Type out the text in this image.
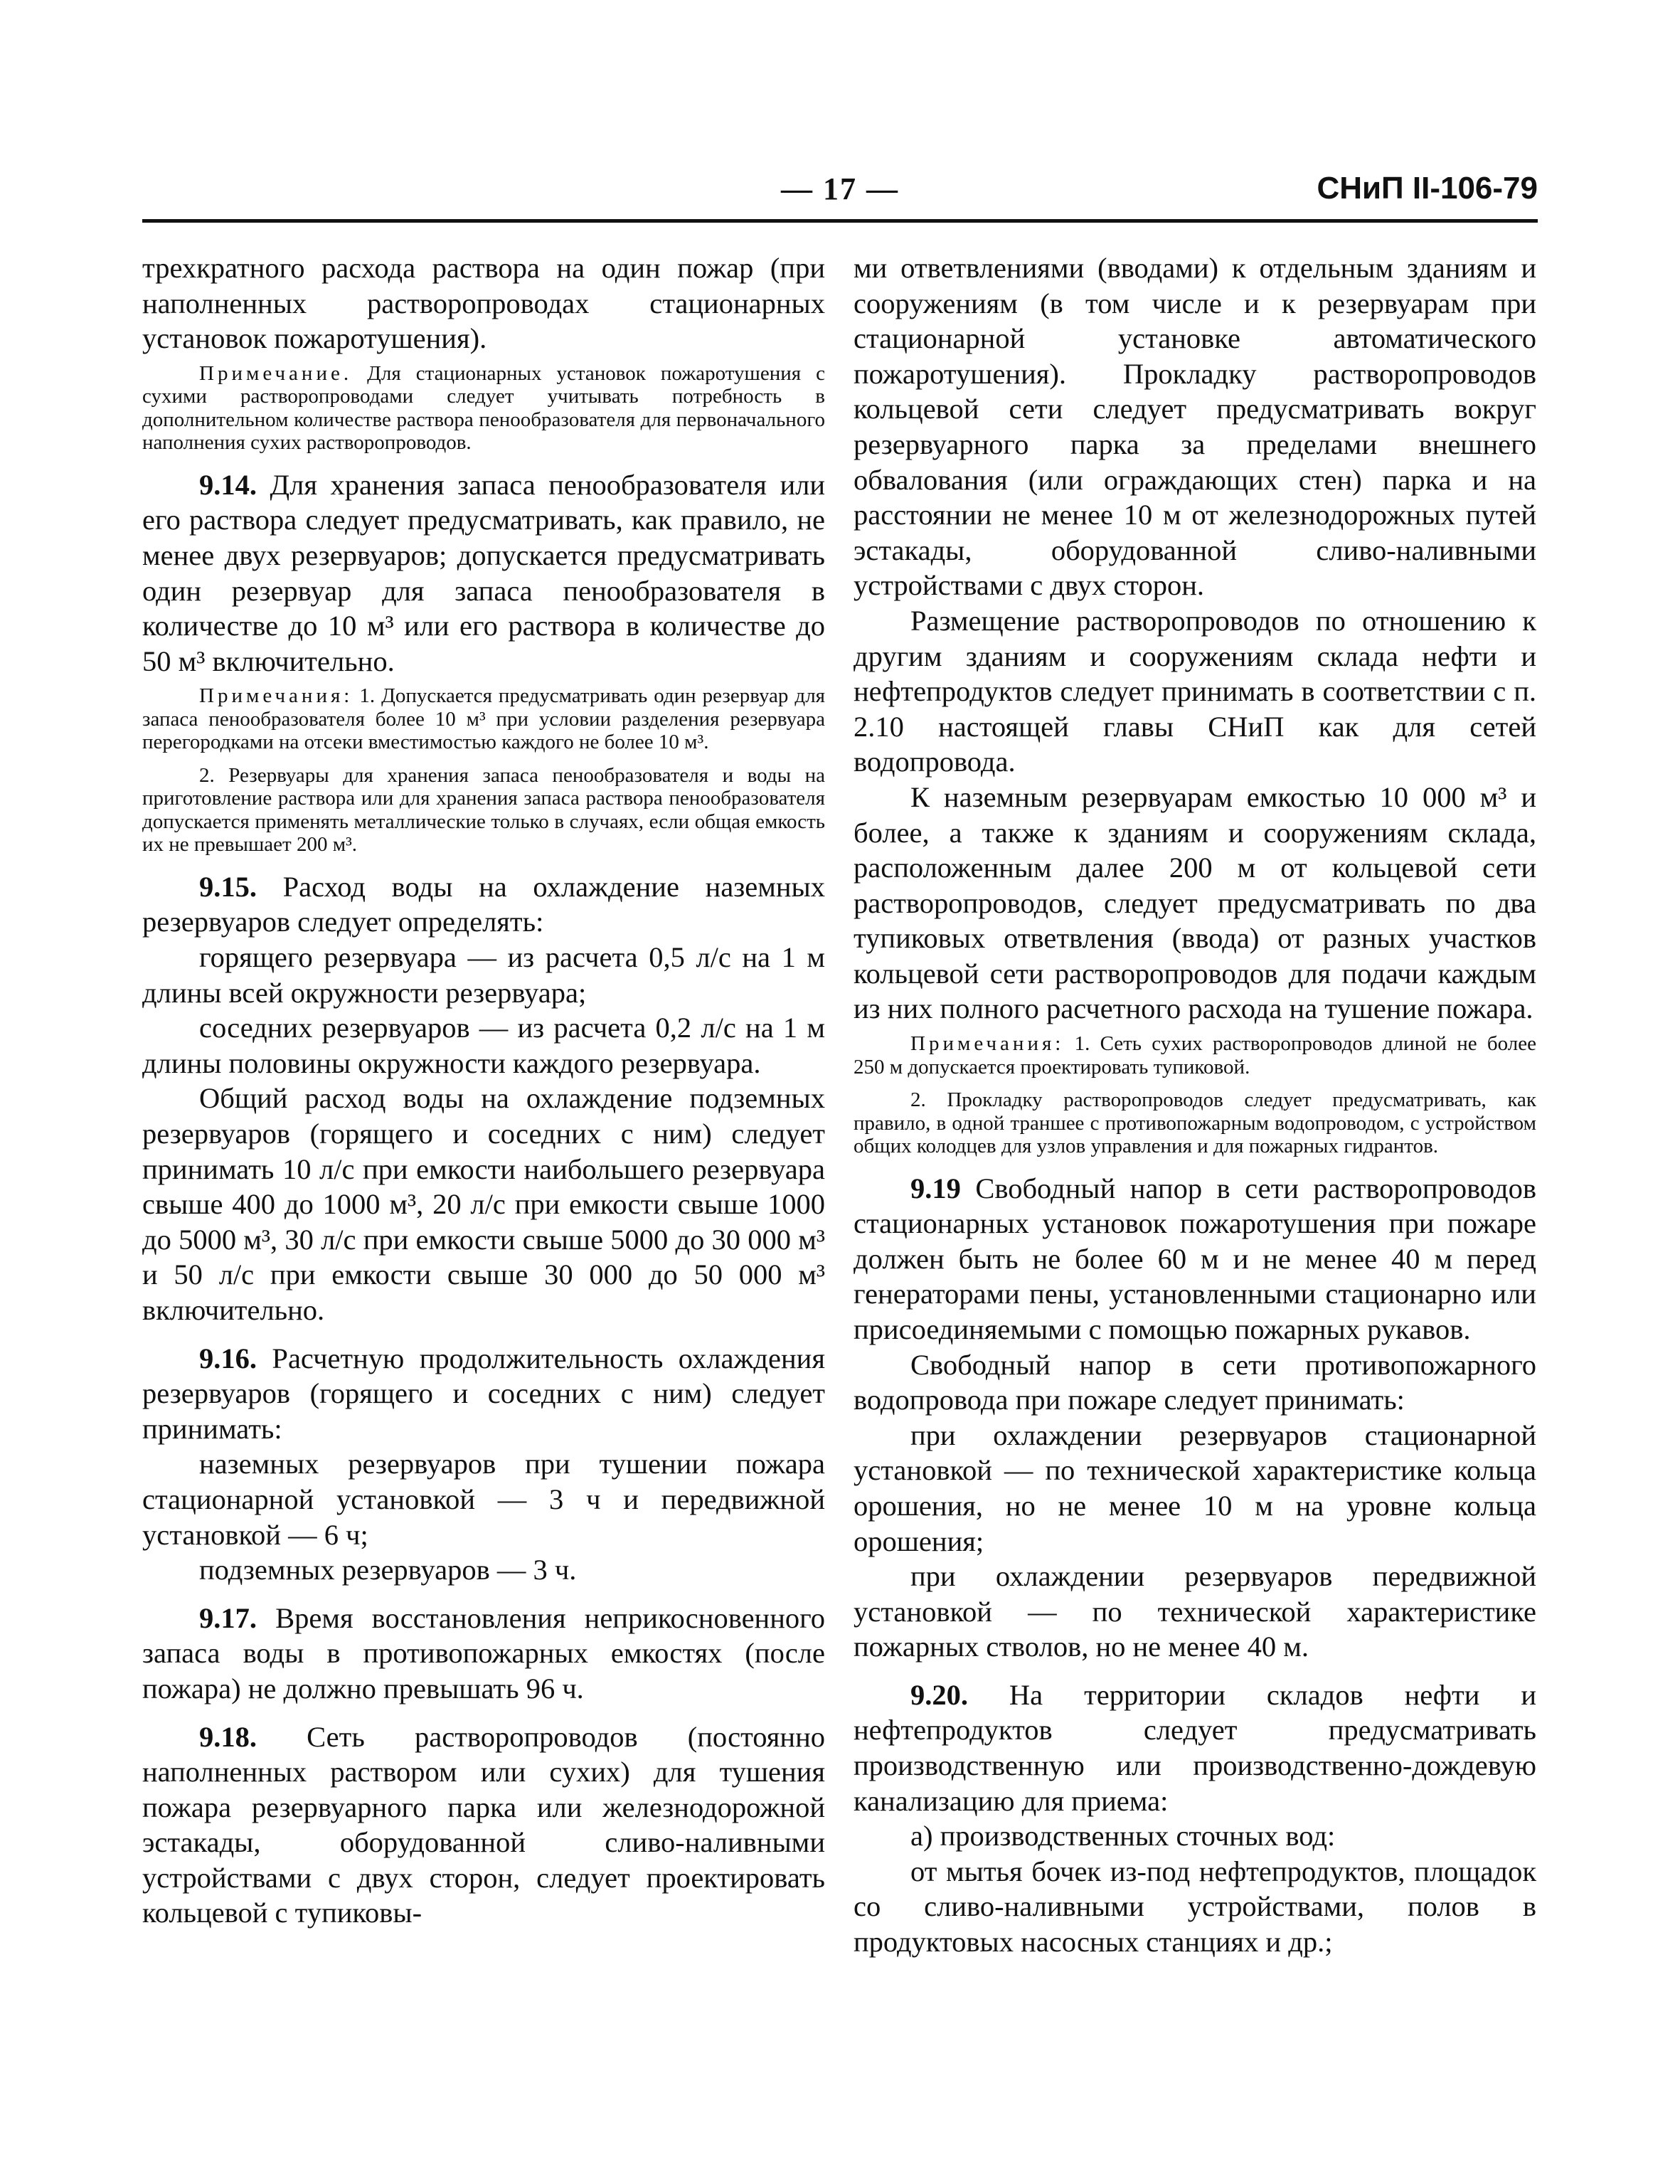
— 17 —	СНиП II-106-79

трехкратного расхода раствора на один пожар (при наполненных растворопроводах стационарных установок пожаротушения).

Примечание. Для стационарных установок пожаротушения с сухими растворопроводами следует учитывать потребность в дополнительном количестве раствора пенообразователя для первоначального наполнения сухих растворопроводов.

9.14. Для хранения запаса пенообразователя или его раствора следует предусматривать, как правило, не менее двух резервуаров; допускается предусматривать один резервуар для запаса пенообразователя в количестве до 10 м³ или его раствора в количестве до 50 м³ включительно.

Примечания: 1. Допускается предусматривать один резервуар для запаса пенообразователя более 10 м³ при условии разделения резервуара перегородками на отсеки вместимостью каждого не более 10 м³.

2. Резервуары для хранения запаса пенообразователя и воды на приготовление раствора или для хранения запаса раствора пенообразователя допускается применять металлические только в случаях, если общая емкость их не превышает 200 м³.

9.15. Расход воды на охлаждение наземных резервуаров следует определять:

горящего резервуара — из расчета 0,5 л/с на 1 м длины всей окружности резервуара;

соседних резервуаров — из расчета 0,2 л/с на 1 м длины половины окружности каждого резервуара.

Общий расход воды на охлаждение подземных резервуаров (горящего и соседних с ним) следует принимать 10 л/с при емкости наибольшего резервуара свыше 400 до 1000 м³, 20 л/с при емкости свыше 1000 до 5000 м³, 30 л/с при емкости свыше 5000 до 30 000 м³ и 50 л/с при емкости свыше 30 000 до 50 000 м³ включительно.

9.16. Расчетную продолжительность охлаждения резервуаров (горящего и соседних с ним) следует принимать:

наземных резервуаров при тушении пожара стационарной установкой — 3 ч и передвижной установкой — 6 ч;

подземных резервуаров — 3 ч.

9.17. Время восстановления неприкосновенного запаса воды в противопожарных емкостях (после пожара) не должно превышать 96 ч.

9.18. Сеть растворопроводов (постоянно наполненных раствором или сухих) для тушения пожара резервуарного парка или железнодорожной эстакады, оборудованной сливо-наливными устройствами с двух сторон, следует проектировать кольцевой с тупиковы-

ми ответвлениями (вводами) к отдельным зданиям и сооружениям (в том числе и к резервуарам при стационарной установке автоматического пожаротушения). Прокладку растворопроводов кольцевой сети следует предусматривать вокруг резервуарного парка за пределами внешнего обвалования (или ограждающих стен) парка и на расстоянии не менее 10 м от железнодорожных путей эстакады, оборудованной сливо-наливными устройствами с двух сторон.

Размещение растворопроводов по отношению к другим зданиям и сооружениям склада нефти и нефтепродуктов следует принимать в соответствии с п. 2.10 настоящей главы СНиП как для сетей водопровода.

К наземным резервуарам емкостью 10 000 м³ и более, а также к зданиям и сооружениям склада, расположенным далее 200 м от кольцевой сети растворопроводов, следует предусматривать по два тупиковых ответвления (ввода) от разных участков кольцевой сети растворопроводов для подачи каждым из них полного расчетного расхода на тушение пожара.

Примечания: 1. Сеть сухих растворопроводов длиной не более 250 м допускается проектировать тупиковой.

2. Прокладку растворопроводов следует предусматривать, как правило, в одной траншее с противопожарным водопроводом, с устройством общих колодцев для узлов управления и для пожарных гидрантов.

9.19 Свободный напор в сети растворопроводов стационарных установок пожаротушения при пожаре должен быть не более 60 м и не менее 40 м перед генераторами пены, установленными стационарно или присоединяемыми с помощью пожарных рукавов.

Свободный напор в сети противопожарного водопровода при пожаре следует принимать:

при охлаждении резервуаров стационарной установкой — по технической характеристике кольца орошения, но не менее 10 м на уровне кольца орошения;

при охлаждении резервуаров передвижной установкой — по технической характеристике пожарных стволов, но не менее 40 м.

9.20. На территории складов нефти и нефтепродуктов следует предусматривать производственную или производственно-дождевую канализацию для приема:

а) производственных сточных вод:

от мытья бочек из-под нефтепродуктов, площадок со сливо-наливными устройствами, полов в продуктовых насосных станциях и др.;
